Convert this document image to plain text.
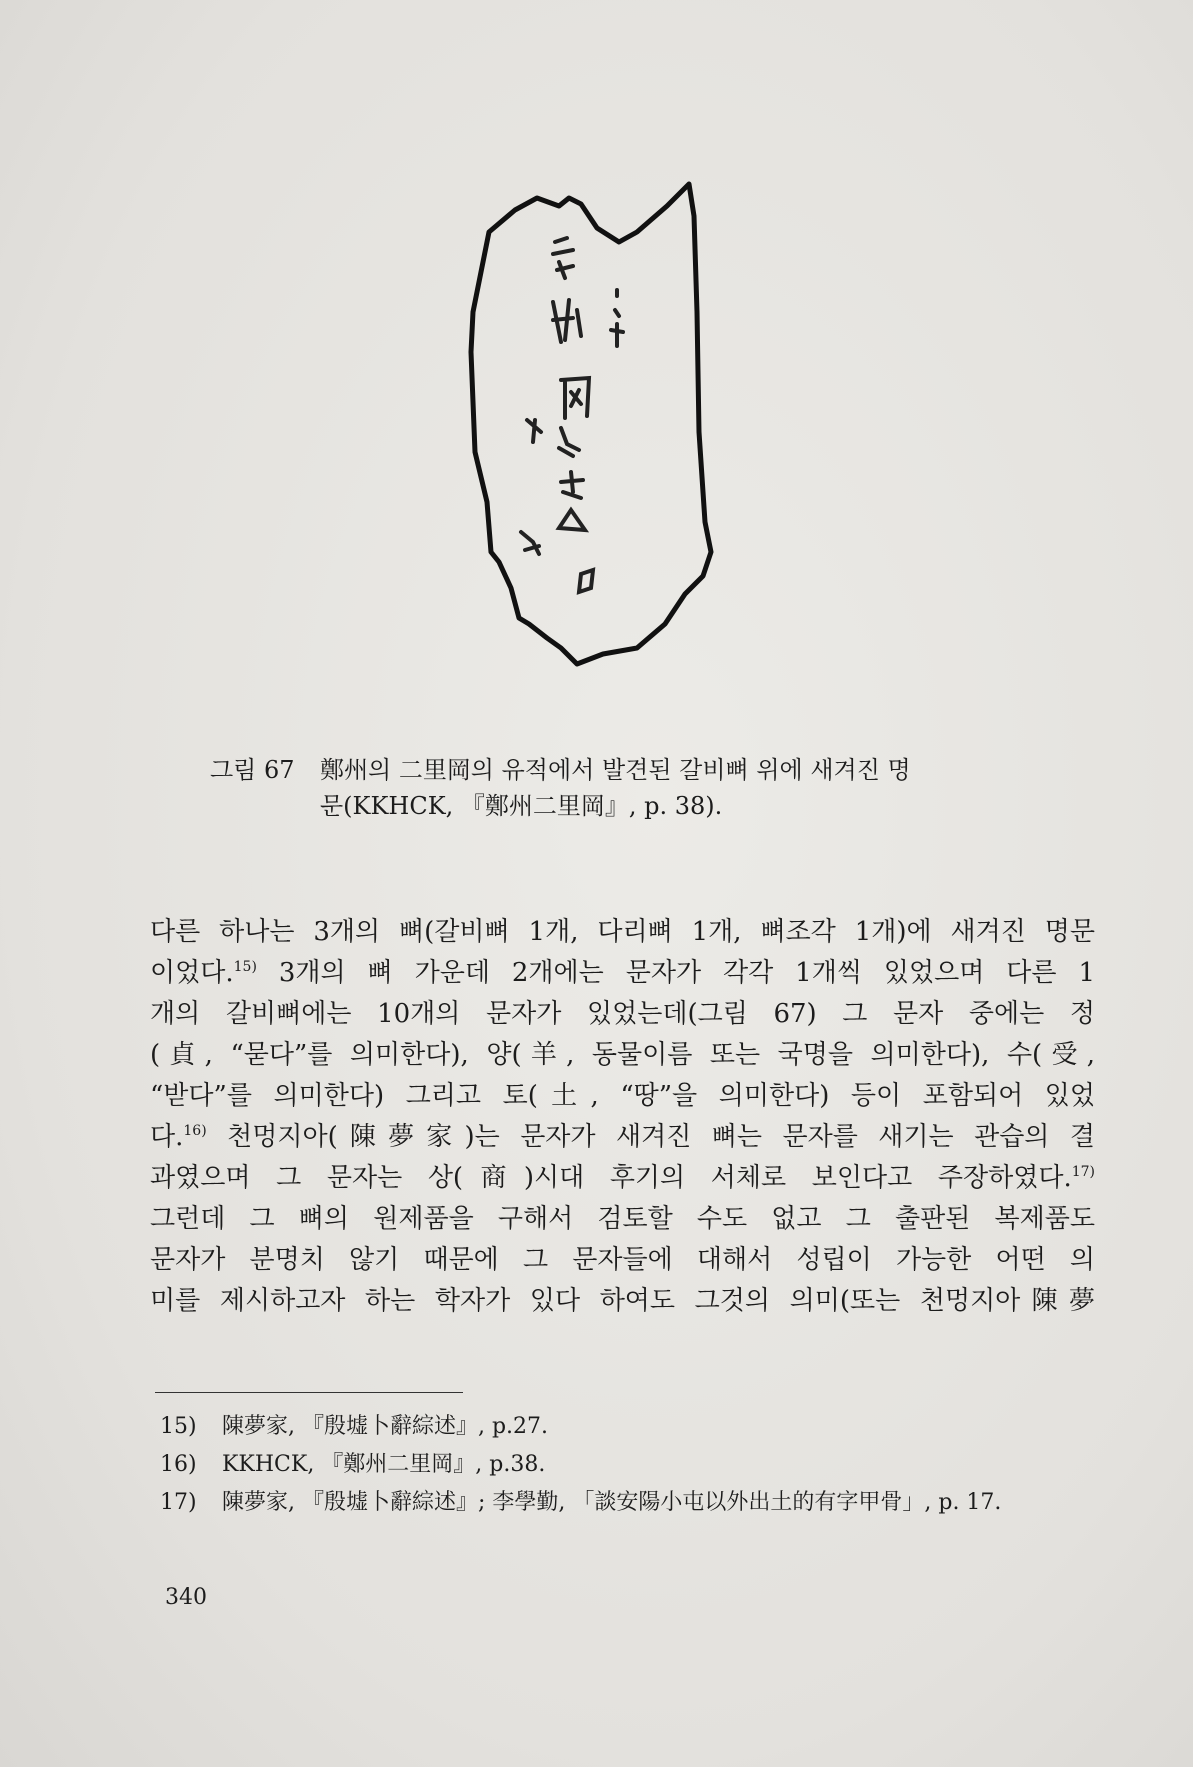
그림 67	鄭州의 二里岡의 유적에서 발견된 갈비뼈 위에 새겨진 명
문(KKHCK, 『鄭州二里岡』, p. 38).
다른 하나는 3개의 뼈(갈비뼈 1개, 다리뼈 1개, 뼈조각 1개)에 새겨진 명문
이었다.$^{15)}$ 3개의 뼈 가운데 2개에는 문자가 각각 1개씩 있었으며 다른 1
개의 갈비뼈에는 10개의 문자가 있었는데(그림 67) 그 문자 중에는 정
(貞, “묻다”를 의미한다), 양(羊, 동물이름 또는 국명을 의미한다), 수(受,
“받다”를 의미한다) 그리고 토(土, “땅”을 의미한다) 등이 포함되어 있었
다.$^{16)}$ 천멍지아(陳夢家)는 문자가 새겨진 뼈는 문자를 새기는 관습의 결
과였으며 그 문자는 상(商)시대 후기의 서체로 보인다고 주장하였다.$^{17)}$
그런데 그 뼈의 원제품을 구해서 검토할 수도 없고 그 출판된 복제품도
문자가 분명치 않기 때문에 그 문자들에 대해서 성립이 가능한 어떤 의
미를 제시하고자 하는 학자가 있다 하여도 그것의 의미(또는 천멍지아陳夢
15)	陳夢家, 『殷墟卜辭綜述』, p.27.
16)	KKHCK, 『鄭州二里岡』, p.38.
17)	陳夢家, 『殷墟卜辭綜述』; 李學勤, 「談安陽小屯以外出土的有字甲骨」, p. 17.
340
